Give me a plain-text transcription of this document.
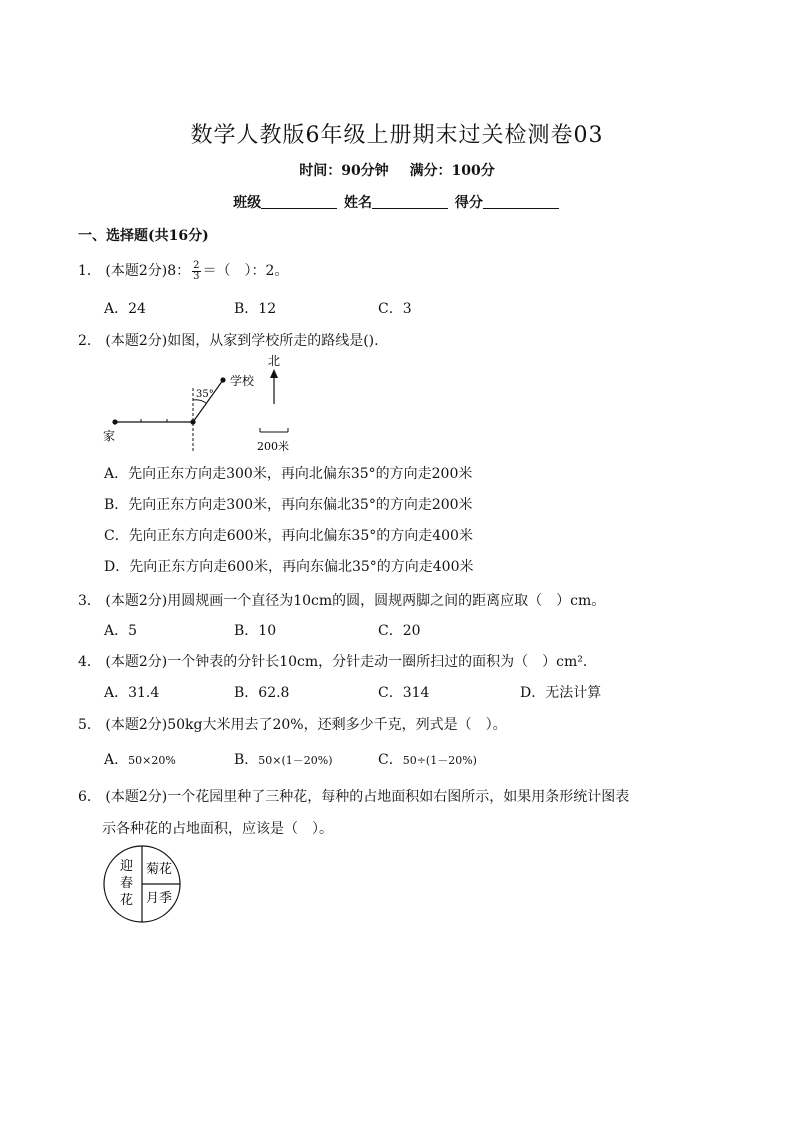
数学人教版6年级上册期末过关检测卷03
时间：90分钟 满分：100分
班级	姓名	得分
一、选择题(共16分)
1． (本题2分)8： $\frac{2}{3}$ ＝（　）：2。
A．24	B．12	C．3
2． (本题2分)如图，从家到学校所走的路线是().
35°
学校
家
北
200米
A．先向正东方向走300米，再向北偏东35°的方向走200米
B．先向正东方向走300米，再向东偏北35°的方向走200米
C．先向正东方向走600米，再向北偏东35°的方向走400米
D．先向正东方向走600米，再向东偏北35°的方向走400米
3． (本题2分)用圆规画一个直径为10cm的圆，圆规两脚之间的距离应取（　）cm。
A．5	B．10	C．20
4． (本题2分)一个钟表的分针长10cm，分针走动一圈所扫过的面积为（　）cm²．
A．31.4	B．62.8	C．314	D．无法计算
5． (本题2分)50kg大米用去了20%，还剩多少千克，列式是（　）。
A．50×20%	B．50×(1－20%)	C．50÷(1－20%)
6． (本题2分)一个花园里种了三种花，每种的占地面积如右图所示，如果用条形统计图表
示各种花的占地面积，应该是（　）。
迎
春
花
菊花
月季
